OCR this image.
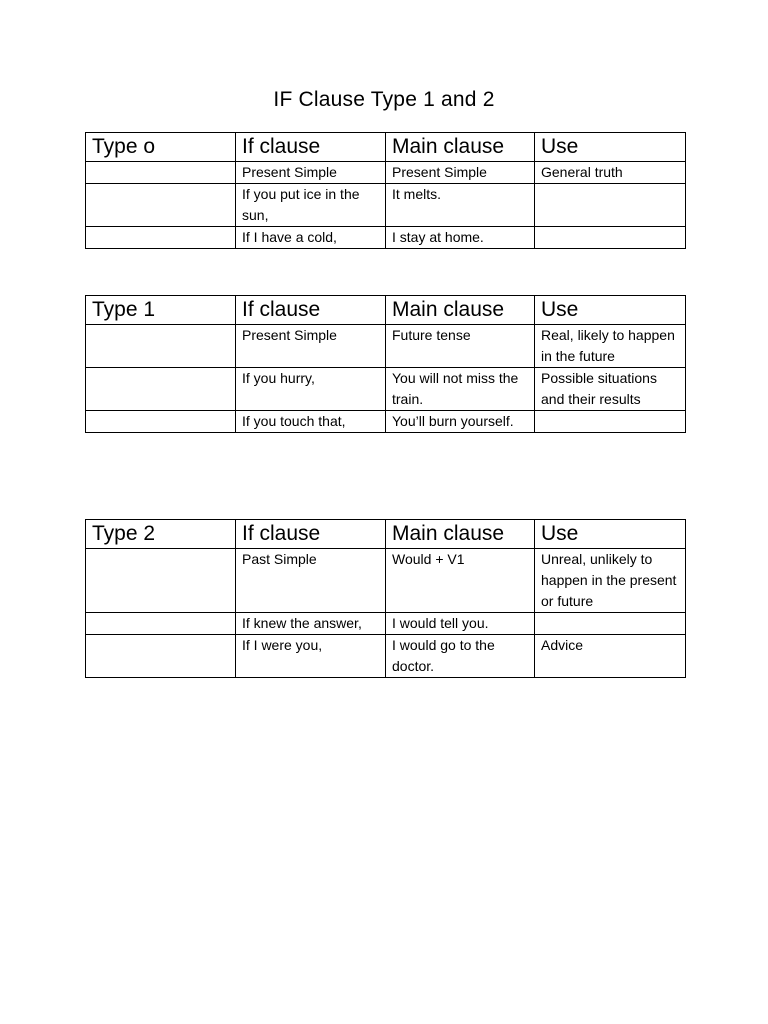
IF Clause Type 1 and 2
Type o	If clause	Main clause	Use
	Present Simple	Present Simple	General truth
	If you put ice in the sun,	It melts.	
	If I have a cold,	I stay at home.	
Type 1	If clause	Main clause	Use
	Present Simple	Future tense	Real, likely to happen in the future
	If you hurry,	You will not miss the train.	Possible situations and their results
	If you touch that,	You’ll burn yourself.	
Type 2	If clause	Main clause	Use
	Past Simple	Would + V1	Unreal, unlikely to happen in the present or future
	If knew the answer,	I would tell you.	
	If I were you,	I would go to the doctor.	Advice
